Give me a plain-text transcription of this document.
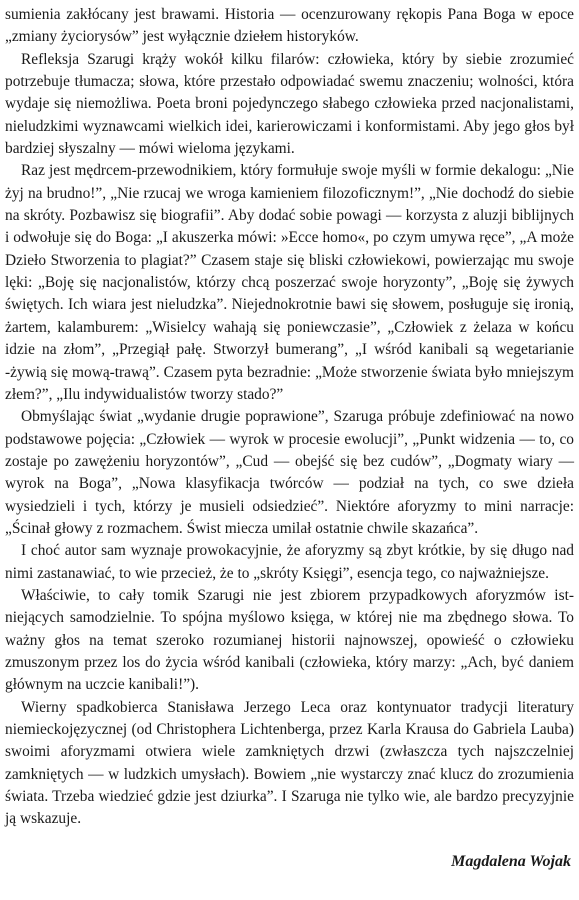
sumienia zakłócany jest brawami. Historia — ocenzurowany rękopis Pana Boga w epoce „zmiany życiorysów” jest wyłącznie dziełem historyków.

Refleksja Szarugi krąży wokół kilku filarów: człowieka, który by siebie zrozumieć potrzebuje tłumacza; słowa, które przestało odpowiadać swemu znaczeniu; wolności, która wydaje się niemożliwa. Poeta broni pojedynczego słabego człowieka przed nacjonalistami, nieludzkimi wyznawcami wielkich idei, karierowiczami i konformistami. Aby jego głos był bardziej słyszalny — mówi wieloma językami.

Raz jest mędrcem-przewodnikiem, który formułuje swoje myśli w formie dekalogu: „Nie żyj na brudno!”, „Nie rzucaj we wroga kamieniem filozoficznym!”, „Nie dochodź do siebie na skróty. Pozbawisz się biografii”. Aby dodać sobie powagi — korzysta z aluzji biblijnych i odwołuje się do Boga: „I akuszerka mówi: »Ecce homo«, po czym umywa ręce”, „A może Dzieło Stworzenia to plagiat?” Czasem staje się bliski człowiekowi, powierzając mu swoje lęki: „Boję się nacjonalistów, którzy chcą poszerzać swoje horyzonty”, „Boję się żywych świętych. Ich wiara jest nieludzka”. Niejednokrotnie bawi się słowem, posługuje się ironią, żartem, kalamburem: „Wisielcy wahają się poniewczasie”, „Człowiek z żelaza w końcu idzie na złom”, „Przegiął pałę. Stworzył bumerang”, „I wśród kanibali są wegetarianie -żywią się mową-trawą”. Czasem pyta bezradnie: „Może stworzenie świata było mniejszym złem?”, „Ilu indywidualistów tworzy stado?”

Obmyślając świat „wydanie drugie poprawione”, Szaruga próbuje zdefiniować na nowo podstawowe pojęcia: „Człowiek — wyrok w procesie ewolucji”, „Punkt widzenia — to, co zostaje po zawężeniu horyzontów”, „Cud — obejść się bez cudów”, „Dogmaty wiary — wyrok na Boga”, „Nowa klasyfikacja twórców — podział na tych, co swe dzieła wysiedzieli i tych, którzy je musieli odsiedzieć”. Niektóre aforyzmy to mini narracje: „Ścinał głowy z rozmachem. Świst miecza umilał ostatnie chwile skazańca”.

I choć autor sam wyznaje prowokacyjnie, że aforyzmy są zbyt krótkie, by się długo nad nimi zastanawiać, to wie przecież, że to „skróty Księgi”, esencja tego, co najważniejsze.

Właściwie, to cały tomik Szarugi nie jest zbiorem przypadkowych aforyzmów istniejących samodzielnie. To spójna myślowo księga, w której nie ma zbędnego słowa. To ważny głos na temat szeroko rozumianej historii najnowszej, opowieść o człowieku zmuszonym przez los do życia wśród kanibali (człowieka, który marzy: „Ach, być daniem głównym na uczcie kanibali!”).

Wierny spadkobierca Stanisława Jerzego Leca oraz kontynuator tradycji literatury niemieckojęzycznej (od Christophera Lichtenberga, przez Karla Krausa do Gabriela Lauba) swoimi aforyzmami otwiera wiele zamkniętych drzwi (zwłaszcza tych najszczelniej zamkniętych — w ludzkich umysłach). Bowiem „nie wystarczy znać klucz do zrozumienia świata. Trzeba wiedzieć gdzie jest dziurka”. I Szaruga nie tylko wie, ale bardzo precyzyjnie ją wskazuje.

Magdalena Wojak
